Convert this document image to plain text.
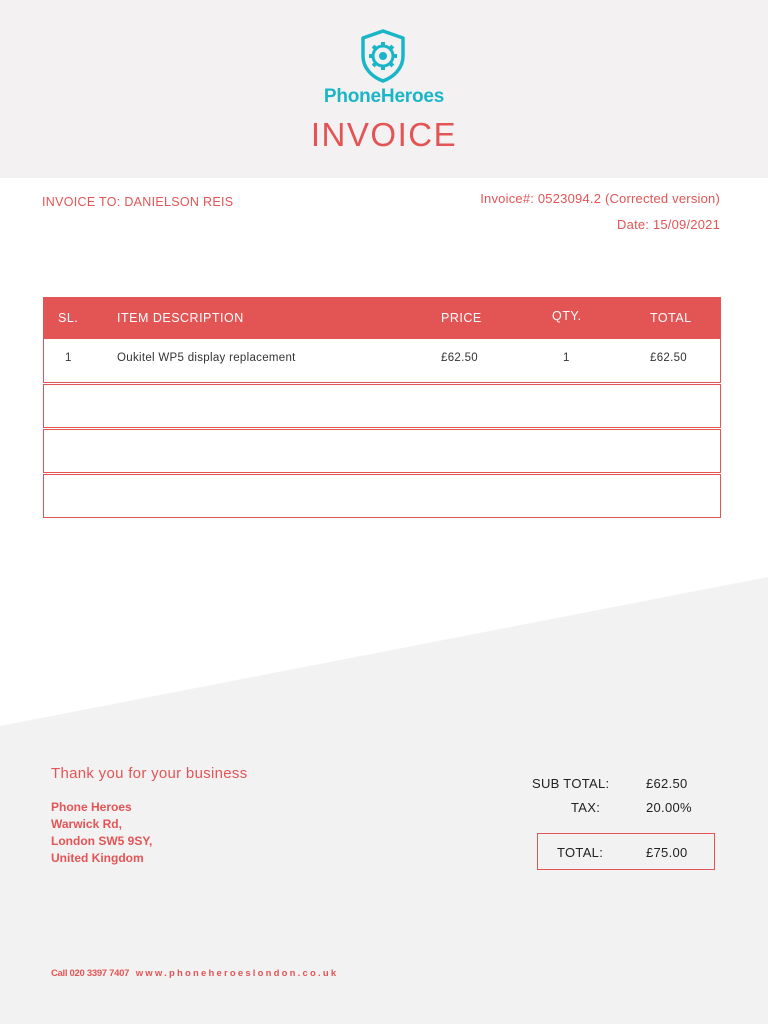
PhoneHeroes
INVOICE
INVOICE TO: DANIELSON REIS	Invoice#: 0523094.2 (Corrected version)
Date: 15/09/2021
SL.	ITEM DESCRIPTION	PRICE	QTY.	TOTAL
1	Oukitel WP5 display replacement	£62.50	1	£62.50
Thank you for your business
Phone Heroes
Warwick Rd,
London SW5 9SY,
United Kingdom
SUB TOTAL:	£62.50
TAX:	20.00%
TOTAL:	£75.00
Call 020 3397 7407 www.phoneheroeslondon.co.uk
